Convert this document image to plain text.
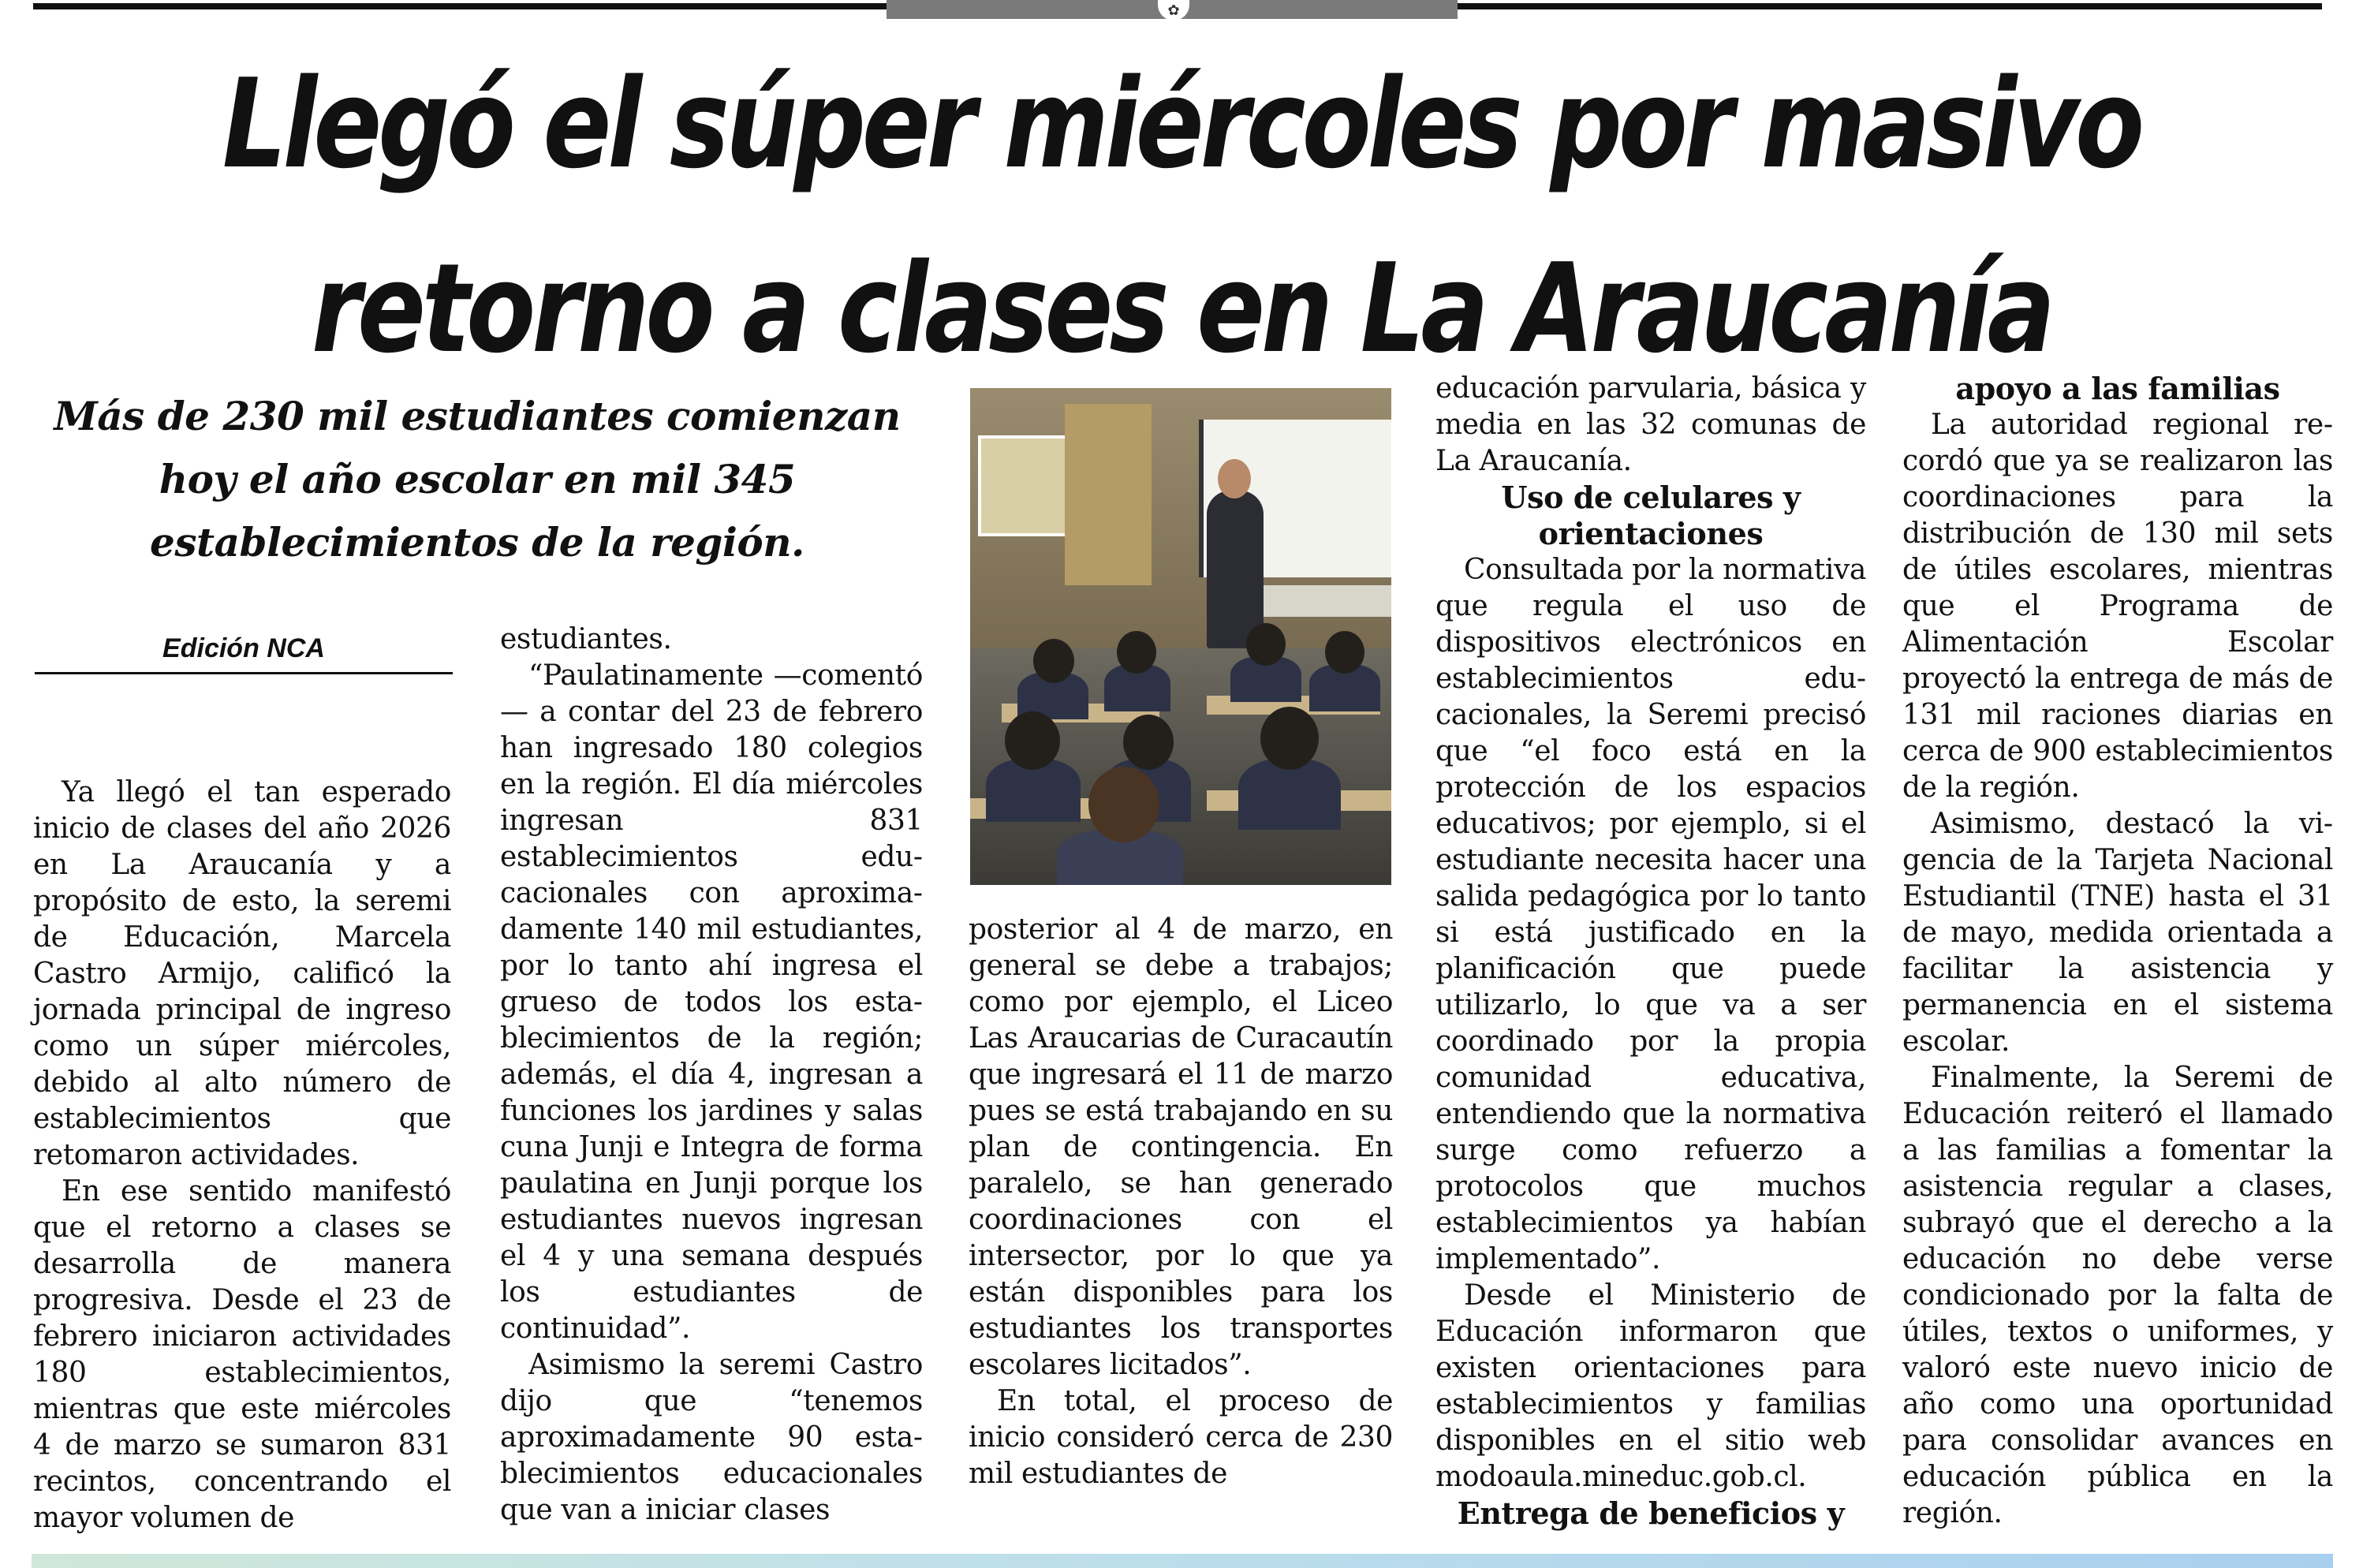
✿
Llegó el súper miércoles por masivo
retorno a clases en La Araucanía

Más de 230 mil estudiantes comienzan hoy el año escolar en mil 345 establecimientos de la región.

Edición NCA

Ya llegó el tan esperado inicio de clases del año 2026 en La Araucanía y a propósito de esto, la seremi de Educación, Marcela Castro Armijo, calificó la jornada principal de ingreso como un súper miércoles, debido al alto número de establecimientos que retomaron actividades.

En ese sentido manifestó que el retorno a clases se desarrolla de manera progresiva. Desde el 23 de febrero iniciaron actividades 180 establecimientos, mientras que este miércoles 4 de marzo se sumaron 831 recintos, concentrando el mayor volumen de

estudiantes.

“Paulatinamente —comentó— a contar del 23 de febrero han ingresado 180 colegios en la región. El día miércoles ingresan 831 establecimientos educacionales con aproximadamente 140 mil estudiantes, por lo tanto ahí ingresa el grueso de todos los establecimientos de la región; además, el día 4, ingresan a funciones los jardines y salas cuna Junji e Integra de forma paulatina en Junji porque los estudiantes nuevos ingresan el 4 y una semana después los estudiantes de continuidad”.

Asimismo la seremi Castro dijo que “tenemos aproximadamente 90 establecimientos educacionales que van a iniciar clases

posterior al 4 de marzo, en general se debe a trabajos; como por ejemplo, el Liceo Las Araucarias de Curacautín que ingresará el 11 de marzo pues se está trabajando en su plan de contingencia. En paralelo, se han generado coordinaciones con el intersector, por lo que ya están disponibles para los estudiantes los transportes escolares licitados”.

En total, el proceso de inicio consideró cerca de 230 mil estudiantes de

educación parvularia, básica y media en las 32 comunas de La Araucanía.

Uso de celulares y orientaciones

Consultada por la normativa que regula el uso de dispositivos electrónicos en establecimientos educacionales, la Seremi precisó que “el foco está en la protección de los espacios educativos; por ejemplo, si el estudiante necesita hacer una salida pedagógica por lo tanto si está justificado en la planificación que puede utilizarlo, lo que va a ser coordinado por la propia comunidad educativa, entendiendo que la normativa surge como refuerzo a protocolos que muchos establecimientos ya habían implementado”.

Desde el Ministerio de Educación informaron que existen orientaciones para establecimientos y familias disponibles en el sitio web modoaula.mineduc.gob.cl.

Entrega de beneficios y
apoyo a las familias

La autoridad regional recordó que ya se realizaron las coordinaciones para la distribución de 130 mil sets de útiles escolares, mientras que el Programa de Alimentación Escolar proyectó la entrega de más de 131 mil raciones diarias en cerca de 900 establecimientos de la región.

Asimismo, destacó la vigencia de la Tarjeta Nacional Estudiantil (TNE) hasta el 31 de mayo, medida orientada a facilitar la asistencia y permanencia en el sistema escolar.

Finalmente, la Seremi de Educación reiteró el llamado a las familias a fomentar la asistencia regular a clases, subrayó que el derecho a la educación no debe verse condicionado por la falta de útiles, textos o uniformes, y valoró este nuevo inicio de año como una oportunidad para consolidar avances en educación pública en la región.
